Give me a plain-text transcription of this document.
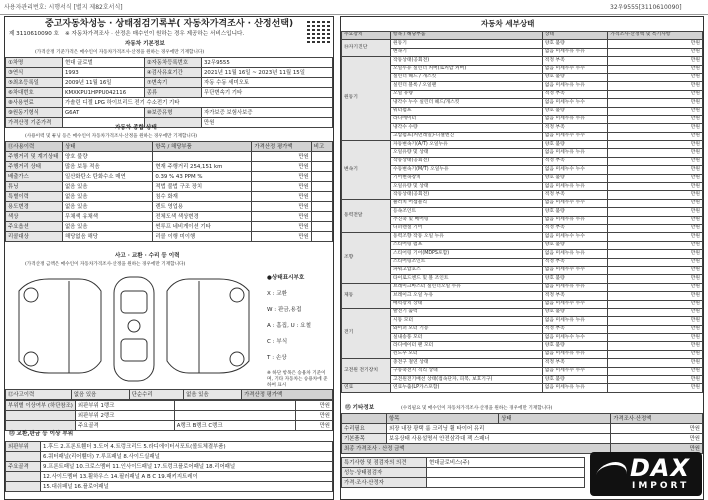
사용자관리번호: 시행서식 [별지 제82호서식]	32우9555[3110610090]
중고자동차성능 · 상태점검기록부( 자동차가격조사 · 산정선택)
제 3110610090 호 ※ 자동차가격조사 · 산정은 매수인이 원하는 경우 제공하는 서비스입니다.
자동차 기본정보
(가격산정 기준가격은 매수인이 자동차가격조사·산정을 원하는 경우에만 기재합니다)
①차명	현대 글로벌	②자동차등록번호	32우9555
③연식	1993	④검사유효기간	2021년 11월 16일 ~ 2023년 11월 15일
⑤최초등록일	2009년 11월 16일	⑦변속기	자동 수동 세미오토
⑥차대번호	KMXKPU1HPPU042116	종류	무단변속기 기타
⑧사용연료	가솔린 디젤 LPG 하이브리드 전기 수소전기 기타		
⑨원동기형식	G6AT	⑩보증유형	자가보증 보험사보증
가격산정 기준가격			만원
자동차 종합 상태
(사용이력 및 튜닝 등은 매수인이 자동차가격조사·산정을 원하는 경우에만 기재합니다)
⑪사용이력	상태	항목 / 해당부품	가격산정 평가액	비고
주행거리 및 계기상태	양호 불량		만원	
주행거리 상태	많음 보통 적음	현재 주행거리 254,151 km	만원	
배출가스	일산화탄소 탄화수소 매연	0.39 % 43 PPM %	만원	
튜닝	없음 있음	적법 불법 구조 장치	만원	
특별이력	없음 있음	침수 화재	만원	
용도변경	없음 있음	렌트 영업용	만원	
색상	무채색 유채색	전체도색 색상변경	만원	
주요옵션	없음 있음	썬루프 네비게이션 기타	만원	
리콜대상	해당없음 해당	리콜 이행 미이행	만원	
사고 · 교환 · 수리 등 이력
(가격산정 금액은 매수인이 자동차가격조사·산정을 원하는 경우에만 기재합니다)
●상태표시부호
X : 교환
W : 판금,용접
A : 흠집, U : 요철
C : 부식
T : 손상
※ 하단 항목은 승용차 기준이며, 기타 자동차는 승용차에 준하여 표시
⑫사고이력	없음 있음	단순수리	없음 있음	가격산정 평가액
부위별 이상여부 (하단참조)	외판부위 1랭크		만원
	외판부위 2랭크		만원
	주요골격	A랭크 B랭크 C랭크	만원
⑬ 교환,판금 등 이상 부위
외판부위	1.후드 2.프론트휀더 3.도어 4.트렁크리드 5.라디에이터서포트(볼트체결부품)
	6.쿼터패널(리어휀더) 7.루프패널 8.사이드실패널
주요골격	9.프론트패널 10.크로스멤버 11.인사이드패널 17.트렁크플로어패널 18.리어패널
	12.사이드멤버 13.휠하우스 14.필러패널 A B C 19.패키지트레이
	15.대쉬패널 16.플로어패널
자동차 세부상태
주요장치	항목 / 해당부품	상태	가격조사·산정액 및 특기사항
⑭자기진단	원동기	양호 불량	만원
	변속기	없음 미세누유 누유	만원
원동기	작동상태(공회전)	적정 부족	만원
	오일누유 실린더 커버(로커암 커버)	없음 미세누수 누수	만원
	실린더 헤드 / 개스킷	양호 불량	만원
	실린더 블록 / 오일팬	없음 미세누유 누유	만원
	오일 유량	적정 부족	만원
	냉각수 누수 실린더 헤드/개스킷	없음 미세누수 누수	만원
	워터펌프	양호 불량	만원
	라디에이터	없음 미세누유 누유	만원
	냉각수 수량	적정 부족	만원
	고압펌프(커먼레일)-디젤엔진	없음 미세누수 누수	만원
변속기	자동변속기(A/T) 오일누유	양호 불량	만원
	오일유량 및 상태	없음 미세누유 누유	만원
	작동상태(공회전)	적정 부족	만원
	수동변속기(M/T) 오일누유	없음 미세누수 누수	만원
	기어변속장치	양호 불량	만원
	오일유량 및 상태	없음 미세누유 누유	만원
	작동상태(공회전)	적정 부족	만원
동력전달	클러치 어셈블리	없음 미세누수 누수	만원
	등속조인트	양호 불량	만원
	추진축 및 베어링	없음 미세누유 누유	만원
	디퍼렌셜 기어	적정 부족	만원
조향	동력조향 작동 오일 누유	없음 미세누수 누수	만원
	스티어링 펌프	양호 불량	만원
	스티어링 기어(MDPS포함)	없음 미세누유 누유	만원
	스티어링조인트	적정 부족	만원
	파워고압호스	없음 미세누수 누수	만원
	타이로드엔드 및 볼 조인트	양호 불량	만원
제동	브레이크마스터 실린더오일 누유	없음 미세누유 누유	만원
	브레이크 오일 누유	적정 부족	만원
	배력장치 상태	없음 미세누수 누수	만원
전기	발전기 출력	양호 불량	만원
	시동 모터	없음 미세누유 누유	만원
	와이퍼 모터 기능	적정 부족	만원
	실내송풍 모터	없음 미세누수 누수	만원
	라디에이터 팬 모터	양호 불량	만원
	윈도우 모터	없음 미세누유 누유	만원
고전원 전기장치	충전구 절연 상태	적정 부족	만원
	구동축전지 격리 상태	없음 미세누수 누수	만원
	고전원전기배선 상태(접속단자, 피복, 보호기구)	양호 불량	만원
연료	연료누출(LP가스포함)	없음 미세누유 누유	만원
⑮ 기타정보	(수리필요 및 매수인이 자동차가격조사·산정을 원하는 경우에만 기재합니다)
	항목	상태	가격조사·산정액
수리필요	외장 내장 광택 룸 크리닝 휠 타이어 유리		만원
기본품목	보유상태 사용설명서 안전삼각대 잭 스패너		만원
최종 가격조사 · 산정 금액			만원
특기사항 및 점검자의 의견	현대글로비스(주)
성능·상태점검자	
가격·조사·산정자	
DAX
IMPORT
